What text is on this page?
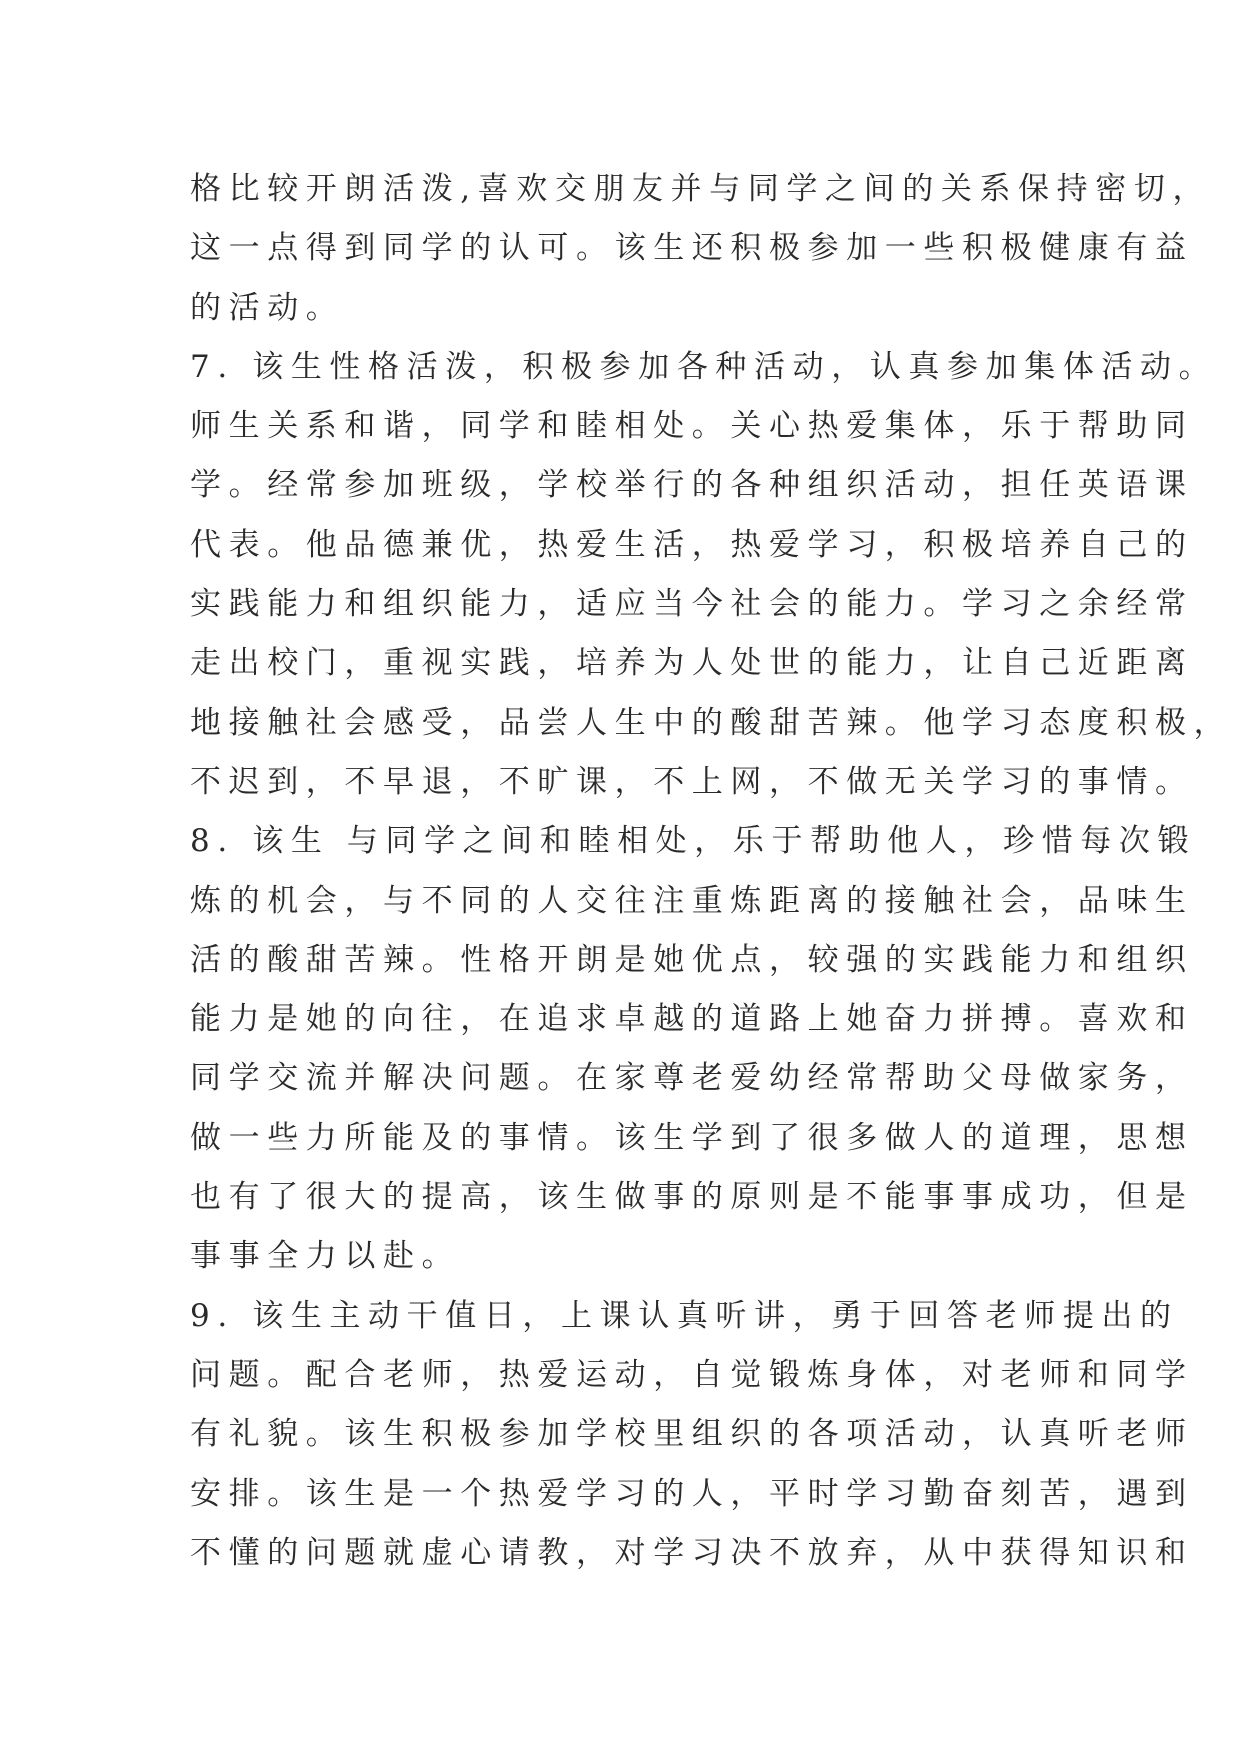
格比较开朗活泼,喜欢交朋友并与同学之间的关系保持密切，
这一点得到同学的认可。该生还积极参加一些积极健康有益
的活动。
7. 该生性格活泼，积极参加各种活动，认真参加集体活动。
师生关系和谐，同学和睦相处。关心热爱集体，乐于帮助同
学。经常参加班级，学校举行的各种组织活动，担任英语课
代表。他品德兼优，热爱生活，热爱学习，积极培养自己的
实践能力和组织能力，适应当今社会的能力。学习之余经常
走出校门，重视实践，培养为人处世的能力，让自己近距离
地接触社会感受，品尝人生中的酸甜苦辣。他学习态度积极，
不迟到，不早退，不旷课，不上网，不做无关学习的事情。
8. 该生 与同学之间和睦相处，乐于帮助他人，珍惜每次锻
炼的机会，与不同的人交往注重炼距离的接触社会，品味生
活的酸甜苦辣。性格开朗是她优点，较强的实践能力和组织
能力是她的向往，在追求卓越的道路上她奋力拼搏。喜欢和
同学交流并解决问题。在家尊老爱幼经常帮助父母做家务，
做一些力所能及的事情。该生学到了很多做人的道理，思想
也有了很大的提高，该生做事的原则是不能事事成功，但是
事事全力以赴。
9. 该生主动干值日，上课认真听讲，勇于回答老师提出的
问题。配合老师，热爱运动，自觉锻炼身体，对老师和同学
有礼貌。该生积极参加学校里组织的各项活动，认真听老师
安排。该生是一个热爱学习的人，平时学习勤奋刻苦，遇到
不懂的问题就虚心请教，对学习决不放弃，从中获得知识和
